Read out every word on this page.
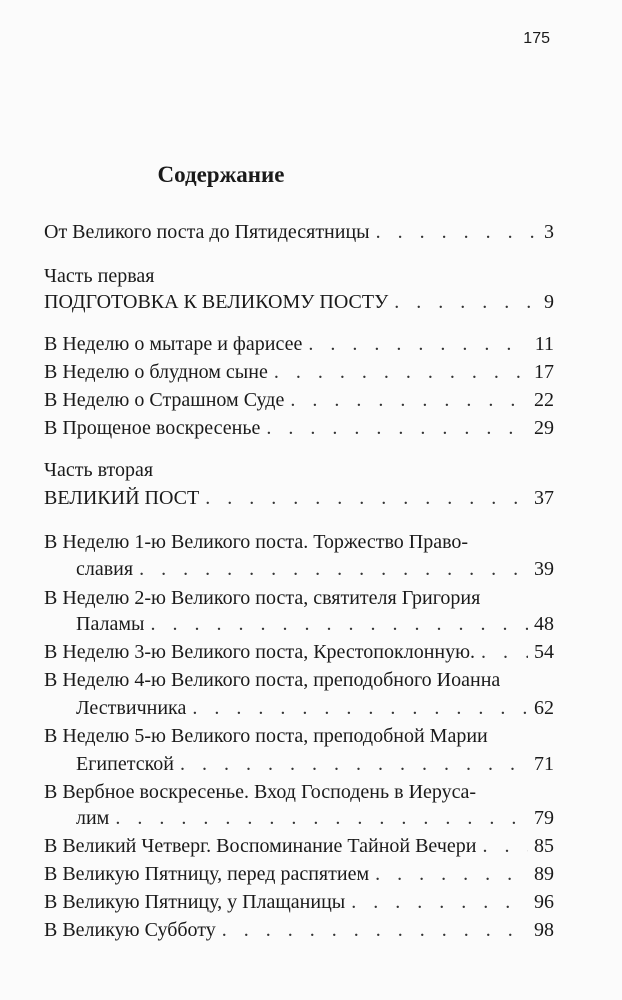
175
Содержание
От Великого поста до Пятидесятницы . . .	3
Часть первая
ПОДГОТОВКА К ВЕЛИКОМУ ПОСТУ . . .	9
В Неделю о мытаре и фарисее . . .	11
В Неделю о блудном сыне . . .	17
В Неделю о Страшном Суде . . .	22
В Прощеное воскресенье . . .	29
Часть вторая
ВЕЛИКИЙ ПОСТ . . .	37
В Неделю 1-ю Великого поста. Торжество Право-
славия . . .	39
В Неделю 2-ю Великого поста, святителя Григория
Паламы . . .	48
В Неделю 3-ю Великого поста, Крестопоклонную. . . .	54
В Неделю 4-ю Великого поста, преподобного Иоанна
Лествичника . . .	62
В Неделю 5-ю Великого поста, преподобной Марии
Египетской . . .	71
В Вербное воскресенье. Вход Господень в Иерусa-
лим . . .	79
В Великий Четверг. Воспоминание Тайной Вечери . . .	85
В Великую Пятницу, перед распятием . . .	89
В Великую Пятницу, у Плащаницы . . .	96
В Великую Субботу . . .	98
